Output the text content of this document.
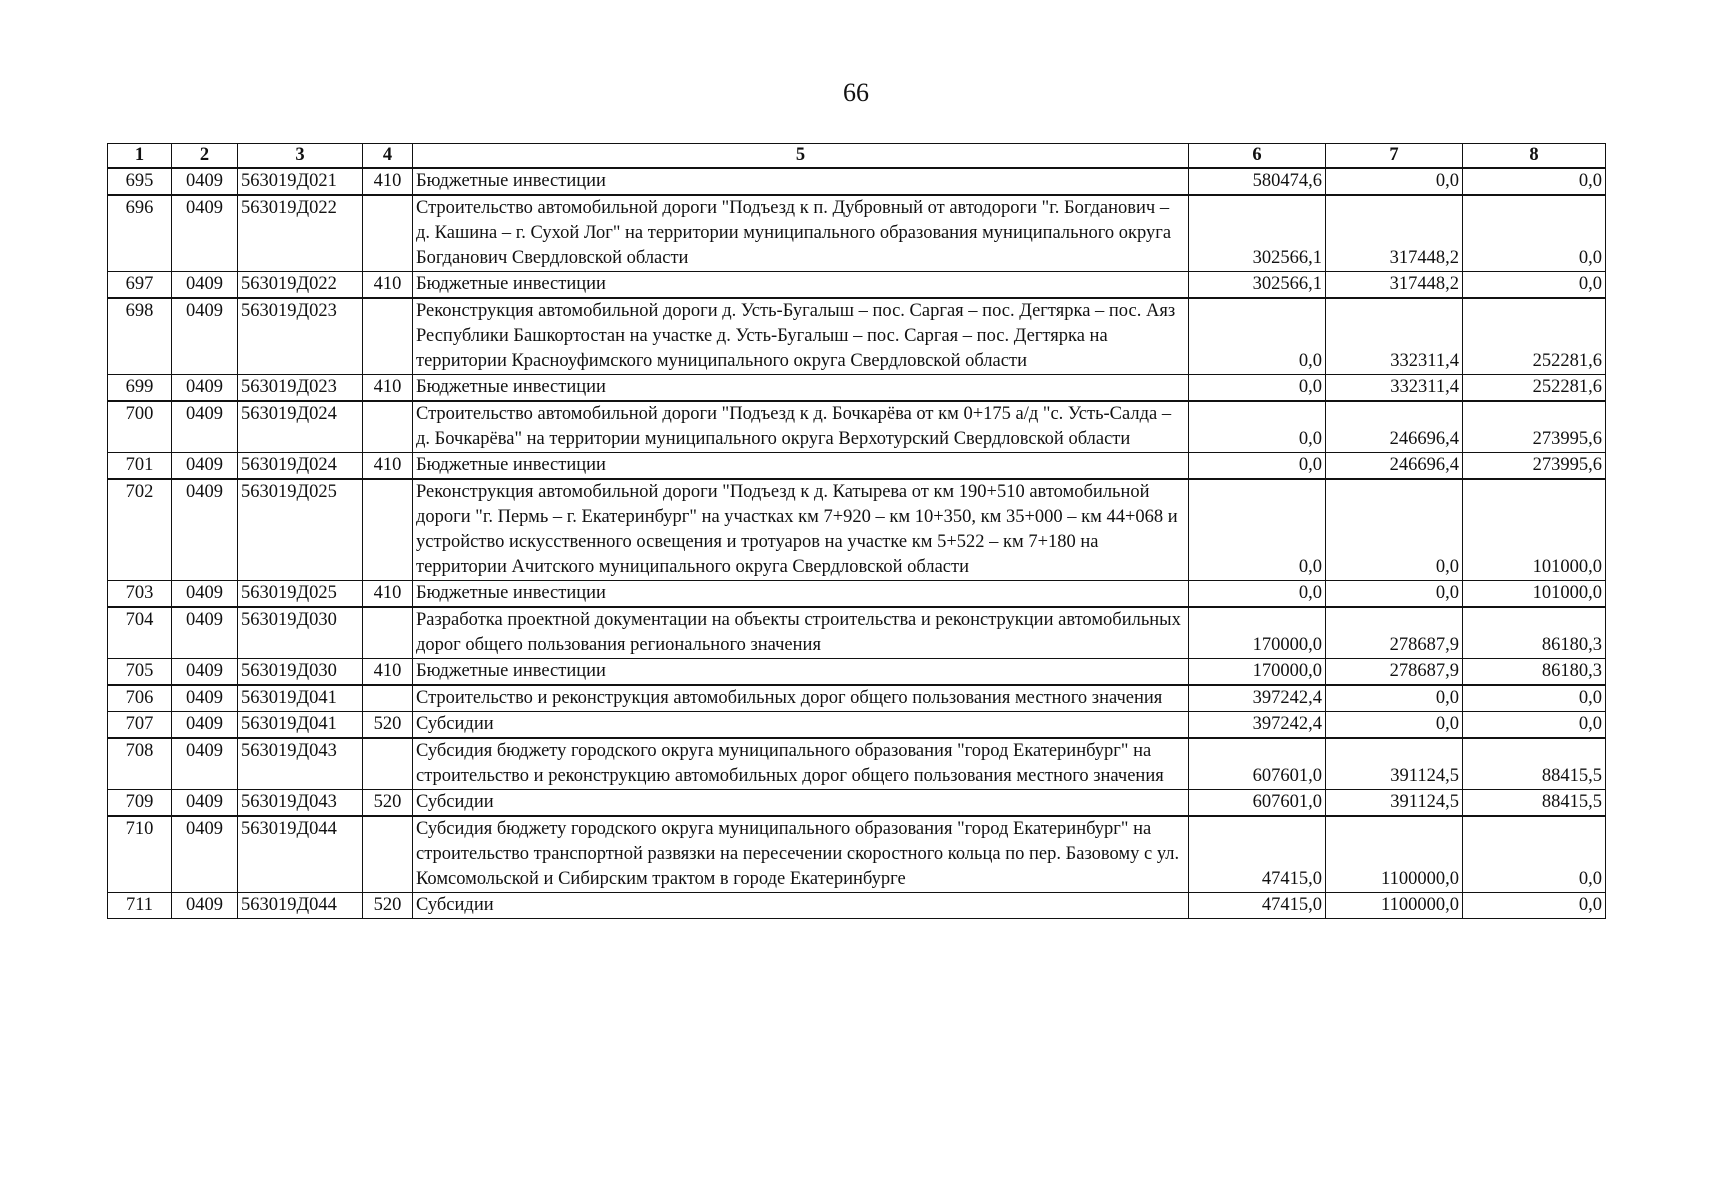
66
1	2	3	4	5	6	7	8
695	0409	563019Д021	410	Бюджетные инвестиции	580474,6	0,0	0,0
696	0409	563019Д022		Строительство автомобильной дороги "Подъезд к п. Дубровный от автодороги "г. Богданович – д. Кашина – г. Сухой Лог" на территории муниципального образования муниципального округа Богданович Свердловской области	302566,1	317448,2	0,0
697	0409	563019Д022	410	Бюджетные инвестиции	302566,1	317448,2	0,0
698	0409	563019Д023		Реконструкция автомобильной дороги д. Усть-Бугалыш – пос. Саргая – пос. Дегтярка – пос. Аяз Республики Башкортостан на участке д. Усть-Бугалыш – пос. Саргая – пос. Дегтярка на территории Красноуфимского муниципального округа Свердловской области	0,0	332311,4	252281,6
699	0409	563019Д023	410	Бюджетные инвестиции	0,0	332311,4	252281,6
700	0409	563019Д024		Строительство автомобильной дороги "Подъезд к д. Бочкарёва от км 0+175 а/д "с. Усть-Салда – д. Бочкарёва" на территории муниципального округа Верхотурский Свердловской области	0,0	246696,4	273995,6
701	0409	563019Д024	410	Бюджетные инвестиции	0,0	246696,4	273995,6
702	0409	563019Д025		Реконструкция автомобильной дороги "Подъезд к д. Катырева от км 190+510 автомобильной дороги "г. Пермь – г. Екатеринбург" на участках км 7+920 – км 10+350, км 35+000 – км 44+068 и устройство искусственного освещения и тротуаров на участке км 5+522 – км 7+180 на территории Ачитского муниципального округа Свердловской области	0,0	0,0	101000,0
703	0409	563019Д025	410	Бюджетные инвестиции	0,0	0,0	101000,0
704	0409	563019Д030		Разработка проектной документации на объекты строительства и реконструкции автомобильных дорог общего пользования регионального значения	170000,0	278687,9	86180,3
705	0409	563019Д030	410	Бюджетные инвестиции	170000,0	278687,9	86180,3
706	0409	563019Д041		Строительство и реконструкция автомобильных дорог общего пользования местного значения	397242,4	0,0	0,0
707	0409	563019Д041	520	Субсидии	397242,4	0,0	0,0
708	0409	563019Д043		Субсидия бюджету городского округа муниципального образования "город Екатеринбург" на строительство и реконструкцию автомобильных дорог общего пользования местного значения	607601,0	391124,5	88415,5
709	0409	563019Д043	520	Субсидии	607601,0	391124,5	88415,5
710	0409	563019Д044		Субсидия бюджету городского округа муниципального образования "город Екатеринбург" на строительство транспортной развязки на пересечении скоростного кольца по пер. Базовому с ул. Комсомольской и Сибирским трактом в городе Екатеринбурге	47415,0	1100000,0	0,0
711	0409	563019Д044	520	Субсидии	47415,0	1100000,0	0,0
